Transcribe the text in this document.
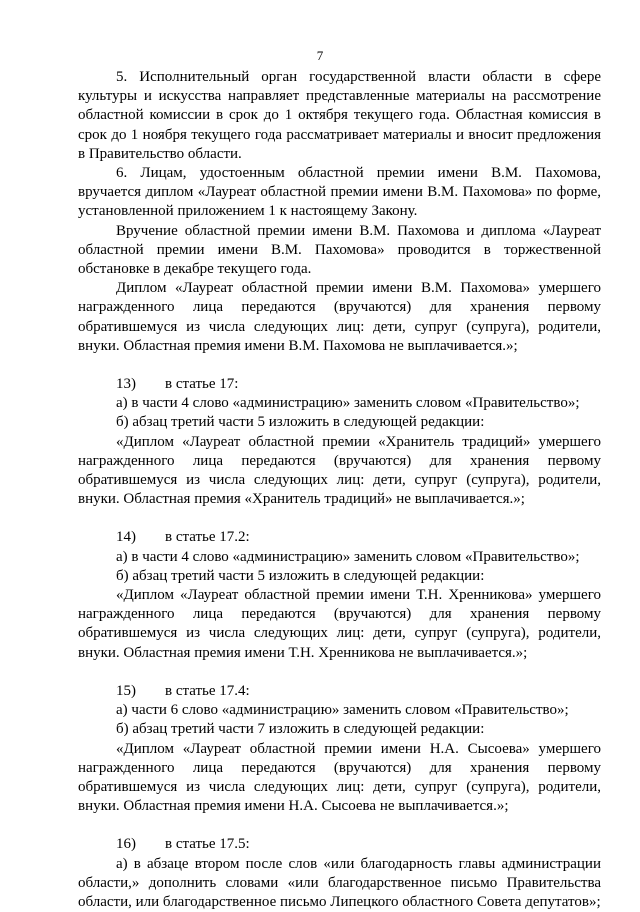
7

5. Исполнительный орган государственной власти области в сфере культуры и искусства направляет представленные материалы на рассмотрение областной комиссии в срок до 1 октября текущего года. Областная комиссия в срок до 1 ноября текущего года рассматривает материалы и вносит предложения в Правительство области.

6. Лицам, удостоенным областной премии имени В.М. Пахомова, вручается диплом «Лауреат областной премии имени В.М. Пахомова» по форме, установленной приложением 1 к настоящему Закону.

Вручение областной премии имени В.М. Пахомова и диплома «Лауреат областной премии имени В.М. Пахомова» проводится в торжественной обстановке в декабре текущего года.

Диплом «Лауреат областной премии имени В.М. Пахомова» умершего награжденного лица передаются (вручаются) для хранения первому обратившемуся из числа следующих лиц: дети, супруг (супруга), родители, внуки. Областная премия имени В.М. Пахомова не выплачивается.»;

13) в статье 17:

а) в части 4 слово «администрацию» заменить словом «Правительство»;

б) абзац третий части 5 изложить в следующей редакции:

«Диплом «Лауреат областной премии «Хранитель традиций» умершего награжденного лица передаются (вручаются) для хранения первому обратившемуся из числа следующих лиц: дети, супруг (супруга), родители, внуки. Областная премия «Хранитель традиций» не выплачивается.»;

14) в статье 17.2:

а) в части 4 слово «администрацию» заменить словом «Правительство»;

б) абзац третий части 5 изложить в следующей редакции:

«Диплом «Лауреат областной премии имени Т.Н. Хренникова» умершего награжденного лица передаются (вручаются) для хранения первому обратившемуся из числа следующих лиц: дети, супруг (супруга), родители, внуки. Областная премия имени Т.Н. Хренникова не выплачивается.»;

15) в статье 17.4:

а) части 6 слово «администрацию» заменить словом «Правительство»;

б) абзац третий части 7 изложить в следующей редакции:

«Диплом «Лауреат областной премии имени Н.А. Сысоева» умершего награжденного лица передаются (вручаются) для хранения первому обратившемуся из числа следующих лиц: дети, супруг (супруга), родители, внуки. Областная премия имени Н.А. Сысоева не выплачивается.»;

16) в статье 17.5:

а) в абзаце втором после слов «или благодарность главы администрации области,» дополнить словами «или благодарственное письмо Правительства области, или благодарственное письмо Липецкого областного Совета депутатов»;
